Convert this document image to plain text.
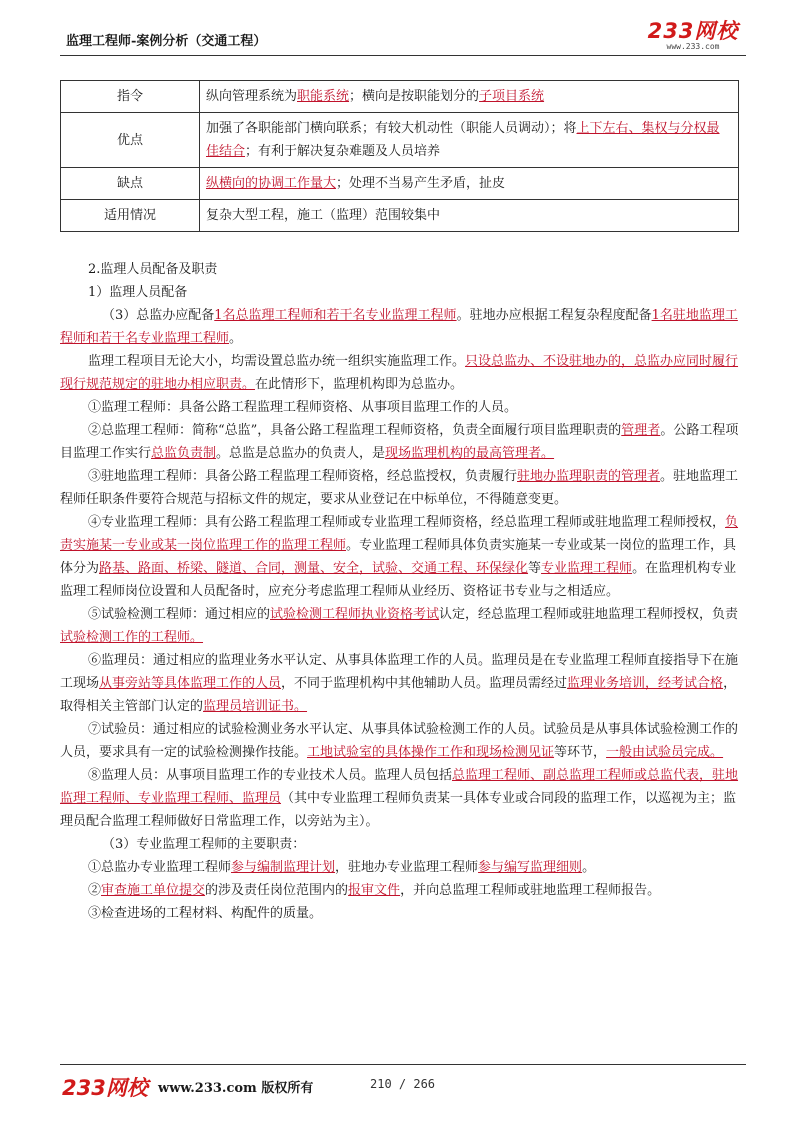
监理工程师-案例分析（交通工程）	233网校
www.233.com
指令	纵向管理系统为职能系统；横向是按职能划分的子项目系统
优点	加强了各职能部门横向联系；有较大机动性（职能人员调动）；将上下左右、集权与分权最佳结合；有利于解决复杂难题及人员培养
缺点	纵横向的协调工作量大；处理不当易产生矛盾，扯皮
适用情况	复杂大型工程，施工（监理）范围较集中

2.监理人员配备及职责

1）监理人员配备

（3）总监办应配备1名总监理工程师和若干名专业监理工程师。驻地办应根据工程复杂程度配备1名驻地监理工程师和若干名专业监理工程师。

监理工程项目无论大小，均需设置总监办统一组织实施监理工作。只设总监办、不设驻地办的，总监办应同时履行现行规范规定的驻地办相应职责。在此情形下，监理机构即为总监办。

①监理工程师：具备公路工程监理工程师资格、从事项目监理工作的人员。

②总监理工程师：简称“总监”，具备公路工程监理工程师资格，负责全面履行项目监理职责的管理者。公路工程项目监理工作实行总监负责制。总监是总监办的负责人，是现场监理机构的最高管理者。

③驻地监理工程师：具备公路工程监理工程师资格，经总监授权，负责履行驻地办监理职责的管理者。驻地监理工程师任职条件要符合规范与招标文件的规定，要求从业登记在中标单位，不得随意变更。

④专业监理工程师：具有公路工程监理工程师或专业监理工程师资格，经总监理工程师或驻地监理工程师授权，负责实施某一专业或某一岗位监理工作的监理工程师。专业监理工程师具体负责实施某一专业或某一岗位的监理工作，具体分为路基、路面、桥梁、隧道、合同，测量、安全，试验、交通工程、环保绿化等专业监理工程师。在监理机构专业监理工程师岗位设置和人员配备时，应充分考虑监理工程师从业经历、资格证书专业与之相适应。

⑤试验检测工程师：通过相应的试验检测工程师执业资格考试认定，经总监理工程师或驻地监理工程师授权，负责试验检测工作的工程师。

⑥监理员：通过相应的监理业务水平认定、从事具体监理工作的人员。监理员是在专业监理工程师直接指导下在施工现场从事旁站等具体监理工作的人员，不同于监理机构中其他辅助人员。监理员需经过监理业务培训，经考试合格，取得相关主管部门认定的监理员培训证书。

⑦试验员：通过相应的试验检测业务水平认定、从事具体试验检测工作的人员。试验员是从事具体试验检测工作的人员，要求具有一定的试验检测操作技能。工地试验室的具体操作工作和现场检测见证等环节，一般由试验员完成。

⑧监理人员：从事项目监理工作的专业技术人员。监理人员包括总监理工程师、副总监理工程师或总监代表，驻地监理工程师、专业监理工程师、监理员（其中专业监理工程师负责某一具体专业或合同段的监理工作，以巡视为主；监理员配合监理工程师做好日常监理工作，以旁站为主）。

（3）专业监理工程师的主要职责：

①总监办专业监理工程师参与编制监理计划，驻地办专业监理工程师参与编写监理细则。

②审查施工单位提交的涉及责任岗位范围内的报审文件，并向总监理工程师或驻地监理工程师报告。

③检查进场的工程材料、构配件的质量。

233网校 www.233.com 版权所有	210 / 266
